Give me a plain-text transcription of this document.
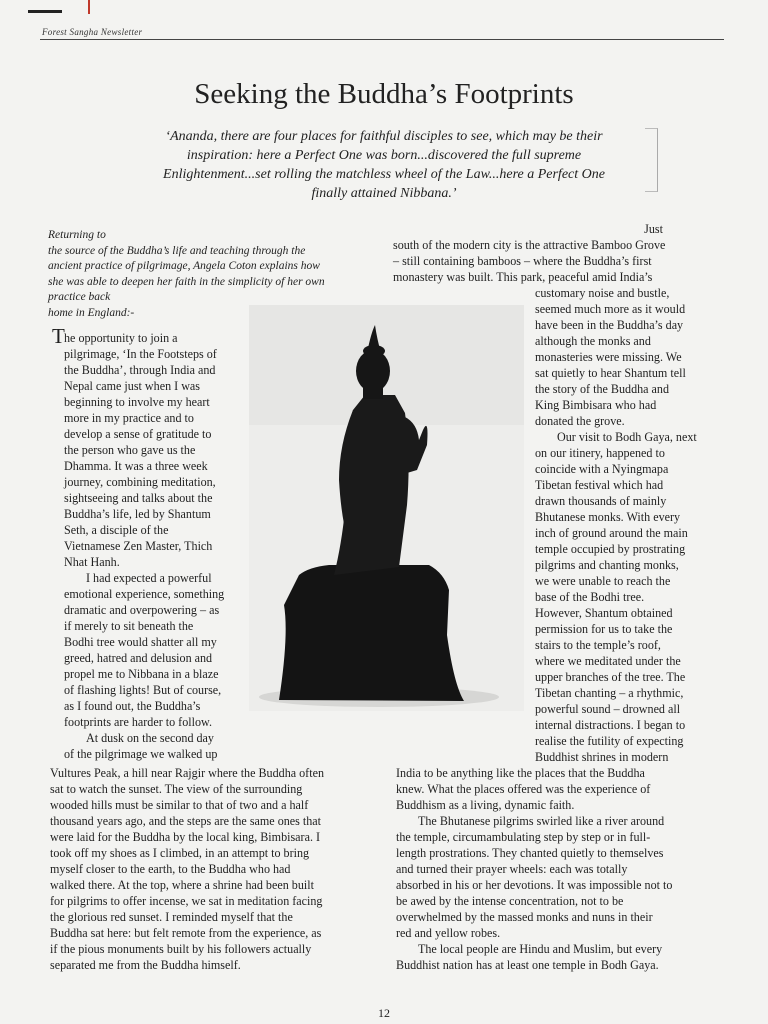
Forest Sangha Newsletter
Seeking the Buddha’s Footprints
‘Ananda, there are four places for faithful disciples to see, which may be their inspiration: here a Perfect One was born...discovered the full supreme Enlightenment...set rolling the matchless wheel of the Law...here a Perfect One finally attained Nibbana.’
Returning to
the source of the Buddha’s life and teaching through the
ancient practice of pilgrimage, Angela Coton explains how
she was able to deepen her faith in the simplicity of her own
practice back
home in England:-
T he opportunity to join a
pilgrimage, ‘In the Footsteps of
the Buddha’, through India and
Nepal came just when I was
beginning to involve my heart
more in my practice and to
develop a sense of gratitude to
the person who gave us the
Dhamma. It was a three week
journey, combining meditation,
sightseeing and talks about the
Buddha’s life, led by Shantum
Seth, a disciple of the
Vietnamese Zen Master, Thich
Nhat Hanh.
I had expected a powerful
emotional experience, something
dramatic and overpowering – as
if merely to sit beneath the
Bodhi tree would shatter all my
greed, hatred and delusion and
propel me to Nibbana in a blaze
of flashing lights! But of course,
as I found out, the Buddha’s
footprints are harder to follow.
At dusk on the second day
of the pilgrimage we walked up
Vultures Peak, a hill near Rajgir where the Buddha often
sat to watch the sunset. The view of the surrounding
wooded hills must be similar to that of two and a half
thousand years ago, and the steps are the same ones that
were laid for the Buddha by the local king, Bimbisara. I
took off my shoes as I climbed, in an attempt to bring
myself closer to the earth, to the Buddha who had
walked there. At the top, where a shrine had been built
for pilgrims to offer incense, we sat in meditation facing
the glorious red sunset. I reminded myself that the
Buddha sat here: but felt remote from the experience, as
if the pious monuments built by his followers actually
separated me from the Buddha himself.
Just
south of the modern city is the attractive Bamboo Grove
– still containing bamboos – where the Buddha’s first
monastery was built. This park, peaceful amid India’s
customary noise and bustle,
seemed much more as it would
have been in the Buddha’s day
although the monks and
monasteries were missing. We
sat quietly to hear Shantum tell
the story of the Buddha and
King Bimbisara who had
donated the grove.
Our visit to Bodh Gaya, next
on our itinery, happened to
coincide with a Nyingmapa
Tibetan festival which had
drawn thousands of mainly
Bhutanese monks. With every
inch of ground around the main
temple occupied by prostrating
pilgrims and chanting monks,
we were unable to reach the
base of the Bodhi tree.
However, Shantum obtained
permission for us to take the
stairs to the temple’s roof,
where we meditated under the
upper branches of the tree. The
Tibetan chanting – a rhythmic,
powerful sound – drowned all
internal distractions. I began to
realise the futility of expecting
Buddhist shrines in modern
India to be anything like the places that the Buddha
knew. What the places offered was the experience of
Buddhism as a living, dynamic faith.
The Bhutanese pilgrims swirled like a river around
the temple, circumambulating step by step or in full-
length prostrations. They chanted quietly to themselves
and turned their prayer wheels: each was totally
absorbed in his or her devotions. It was impossible not to
be awed by the intense concentration, not to be
overwhelmed by the massed monks and nuns in their
red and yellow robes.
The local people are Hindu and Muslim, but every
Buddhist nation has at least one temple in Bodh Gaya.
12
